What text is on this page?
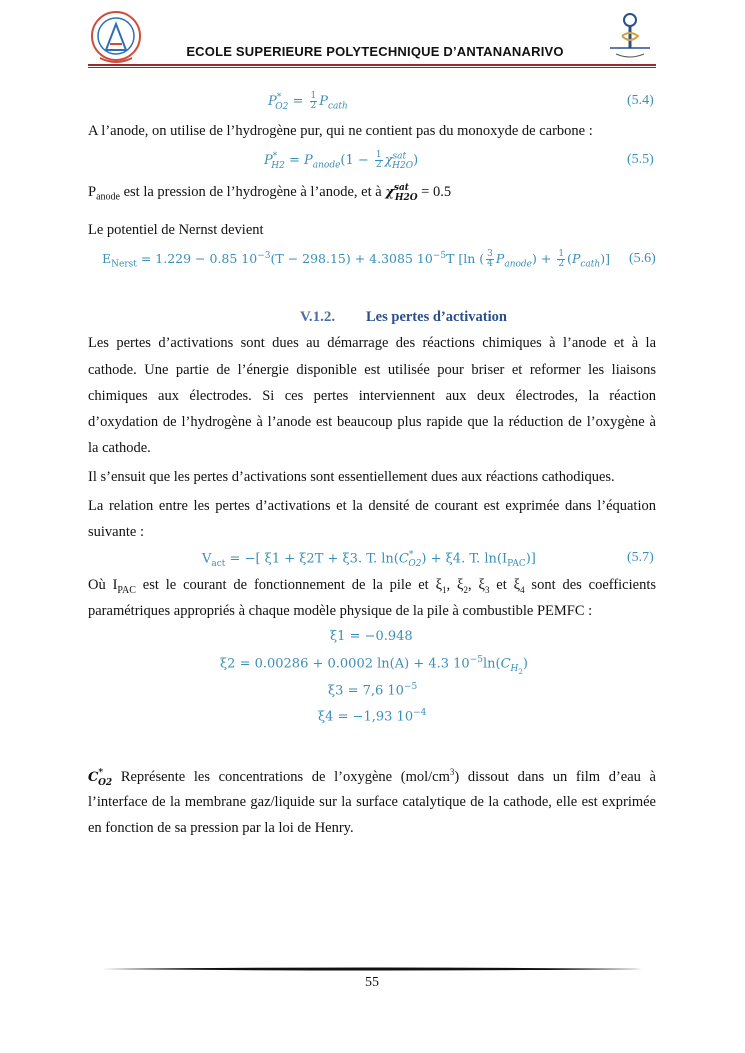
ECOLE SUPERIEURE POLYTECHNIQUE D’ANTANANARIVO
$P^*_{O2} = \frac{1}{2} P_{cath}$	(5.4)
A l’anode, on utilise de l’hydrogène pur, qui ne contient pas du monoxyde de carbone :
$P^*_{H2} = P_{anode}(1 - \frac{1}{2} \chi^{sat}_{H2O})$	(5.5)
$P_{anode}$ est la pression de l’hydrogène à l’anode, et à $\chi^{sat}_{H2O} = 0.5$
Le potentiel de Nernst devient
$E_{Nerst} = 1.229 - 0.85$ $10^{-3}(T - 298.15) + 4.3085$ $10^{-5}T$ [ln ( $\frac{3}{4} P_{anode}) + \frac{1}{2} (P_{cath})$] (5.6)
V.1.2. Les pertes d’activation
Les pertes d’activations sont dues au démarrage des réactions chimiques à l’anode et à la
cathode. Une partie de l’énergie disponible est utilisée pour briser et reformer les liaisons
chimiques aux électrodes. Si ces pertes interviennent aux deux électrodes, la réaction
d’oxydation de l’hydrogène à l’anode est beaucoup plus rapide que la réduction de l’oxygène à
la cathode.
Il s’ensuit que les pertes d’activations sont essentiellement dues aux réactions cathodiques.
La relation entre les pertes d’activations et la densité de courant est exprimée dans l’équation
suivante :
$V_{act}$ = −[ ξ1 + ξ2T + ξ3. T. $\ln(C^*_{O2}) + \xi 4$. T. $\ln(I_{PAC})$]	(5.7)
Où $I_{PAC}$ est le courant de fonctionnement de la pile et $\xi_1$, $\xi_2$, $\xi_3$ et $\xi_4$ sont des coefficients
paramétriques appropriés à chaque modèle physique de la pile à combustible PEMFC :
ξ1 = −0.948
ξ2 = 0.00286 + 0.0002 ln(A) + 4.3 $10^{-5}\ln(C_{H_2})$
ξ3 = 7,6 $10^{-5}$
ξ4 = −1,93 $10^{-4}$
$C^*_{O2}$ Représente les concentrations de l’oxygène $(mol/cm^3)$ dissout dans un film d’eau à
l’interface de la membrane gaz/liquide sur la surface catalytique de la cathode, elle est exprimée
en fonction de sa pression par la loi de Henry.
55
